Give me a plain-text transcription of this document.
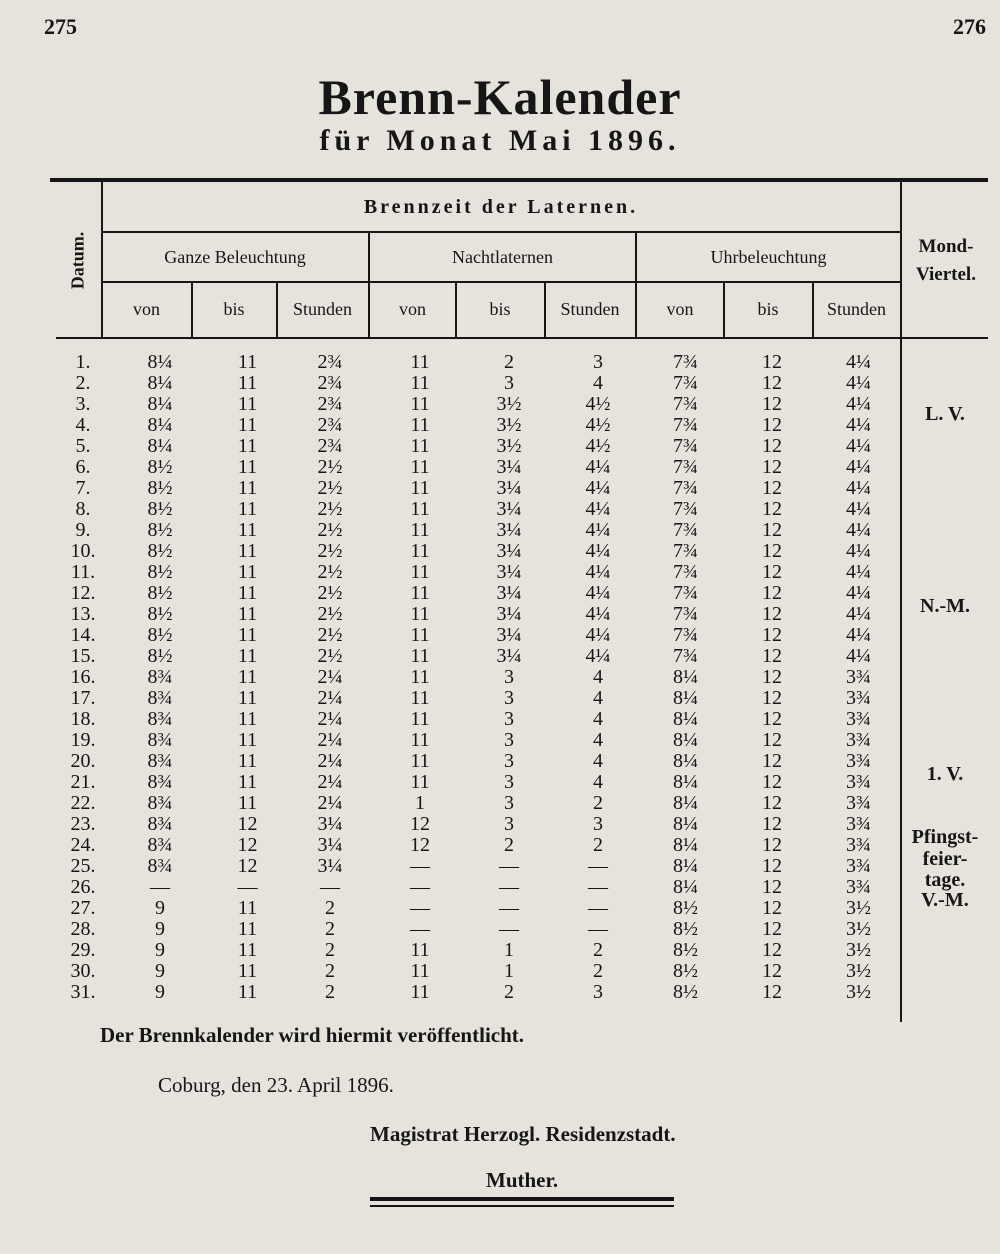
275	276
Brenn-Kalender
für Monat Mai 1896.
Datum.
Brennzeit der Laternen.
Ganze Beleuchtung	Nachtlaternen	Uhrbeleuchtung	Mond-
Viertel.
von	bis	Stunden	von	bis	Stunden	von	bis	Stunden
1.	8¼	11	2¾	11	2	3	7¾	12	4¼
2.	8¼	11	2¾	11	3	4	7¾	12	4¼
3.	8¼	11	2¾	11	3½	4½	7¾	12	4¼
4.	8¼	11	2¾	11	3½	4½	7¾	12	4¼
5.	8¼	11	2¾	11	3½	4½	7¾	12	4¼
6.	8½	11	2½	11	3¼	4¼	7¾	12	4¼
7.	8½	11	2½	11	3¼	4¼	7¾	12	4¼
8.	8½	11	2½	11	3¼	4¼	7¾	12	4¼
9.	8½	11	2½	11	3¼	4¼	7¾	12	4¼
10.	8½	11	2½	11	3¼	4¼	7¾	12	4¼
11.	8½	11	2½	11	3¼	4¼	7¾	12	4¼
12.	8½	11	2½	11	3¼	4¼	7¾	12	4¼
13.	8½	11	2½	11	3¼	4¼	7¾	12	4¼
14.	8½	11	2½	11	3¼	4¼	7¾	12	4¼
15.	8½	11	2½	11	3¼	4¼	7¾	12	4¼
16.	8¾	11	2¼	11	3	4	8¼	12	3¾
17.	8¾	11	2¼	11	3	4	8¼	12	3¾
18.	8¾	11	2¼	11	3	4	8¼	12	3¾
19.	8¾	11	2¼	11	3	4	8¼	12	3¾
20.	8¾	11	2¼	11	3	4	8¼	12	3¾
21.	8¾	11	2¼	11	3	4	8¼	12	3¾
22.	8¾	11	2¼	1	3	2	8¼	12	3¾
23.	8¾	12	3¼	12	3	3	8¼	12	3¾
24.	8¾	12	3¼	12	2	2	8¼	12	3¾
25.	8¾	12	3¼	—	—	—	8¼	12	3¾
26.	—	—	—	—	—	—	8¼	12	3¾
27.	9	11	2	—	—	—	8½	12	3½
28.	9	11	2	—	—	—	8½	12	3½
29.	9	11	2	11	1	2	8½	12	3½
30.	9	11	2	11	1	2	8½	12	3½
31.	9	11	2	11	2	3	8½	12	3½
L. V.
N.-M.
1. V.
Pfingst-
feier-
tage.
V.-M.
Der Brennkalender wird hiermit veröffentlicht.
Coburg, den 23. April 1896.
Magistrat Herzogl. Residenzstadt.
Muther.
